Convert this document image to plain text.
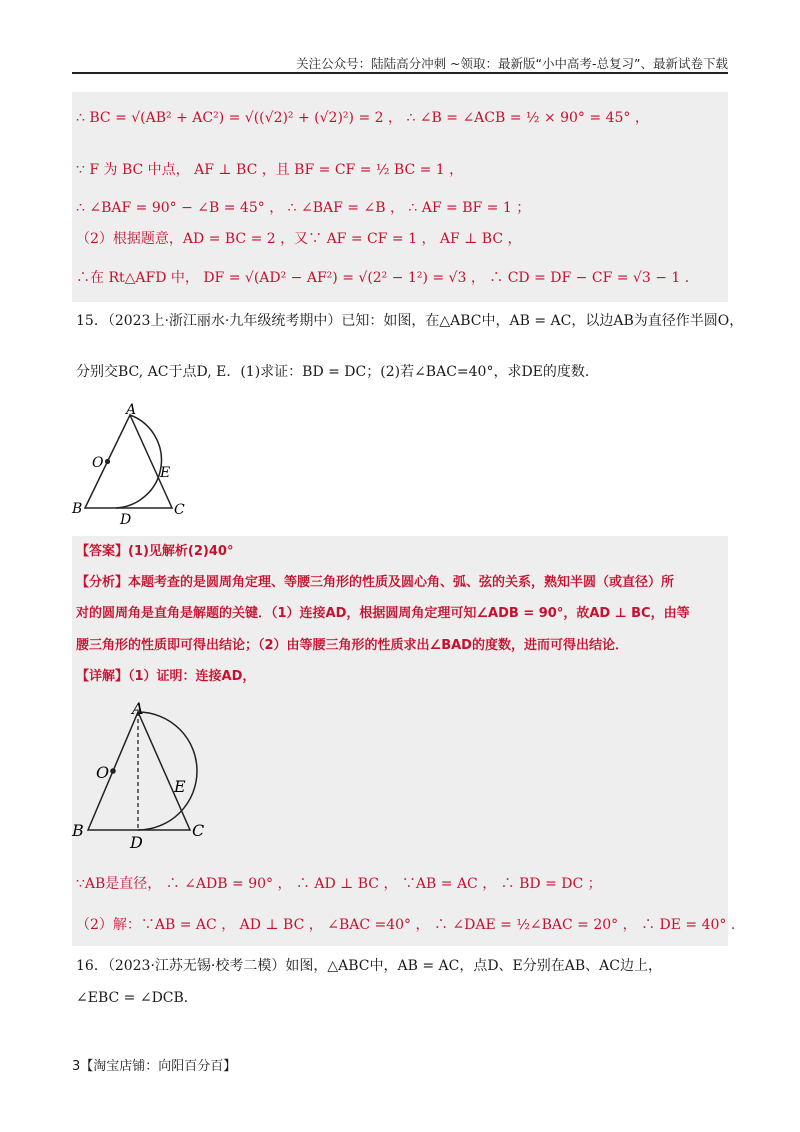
关注公众号：陆陆高分冲刺 ~领取：最新版“小中高考-总复习”、最新试卷下载
∴ BC = √(AB² + AC²) = √((√2)² + (√2)²) = 2 ， ∴ ∠B = ∠ACB = ½ × 90° = 45° ，
∵ F 为 BC 中点， AF ⊥ BC ，且 BF = CF = ½ BC = 1 ，
∴ ∠BAF = 90° − ∠B = 45° ， ∴ ∠BAF = ∠B ， ∴ AF = BF = 1 ；
（2）根据题意，AD = BC = 2 ，又∵ AF = CF = 1 ， AF ⊥ BC ，
∴在 Rt△AFD 中， DF = √(AD² − AF²) = √(2² − 1²) = √3 ， ∴ CD = DF − CF = √3 − 1 ．
15．（2023上·浙江丽水·九年级统考期中）已知：如图，在△ABC中，AB = AC，以边AB为直径作半圆O，
分别交BC, AC于点D, E．(1)求证：BD = DC；(2)若∠BAC=40°，求DE的度数．
A
O
E
B
D
C
【答案】(1)见解析(2)40°
【分析】本题考查的是圆周角定理、等腰三角形的性质及圆心角、弧、弦的关系，熟知半圆（或直径）所
对的圆周角是直角是解题的关键．（1）连接AD，根据圆周角定理可知∠ADB = 90°，故AD ⊥ BC，由等
腰三角形的性质即可得出结论；（2）由等腰三角形的性质求出∠BAD的度数，进而可得出结论．
【详解】（1）证明：连接AD，
A
O
E
B
D
C
∵AB是直径， ∴ ∠ADB = 90° ， ∴ AD ⊥ BC ， ∵AB = AC ， ∴ BD = DC ；
（2）解：∵AB = AC ， AD ⊥ BC ， ∠BAC =40° ， ∴ ∠DAE = ½∠BAC = 20° ， ∴ DE = 40° ．
16．（2023·江苏无锡·校考二模）如图，△ABC中，AB = AC，点D、E分别在AB、AC边上，
∠EBC = ∠DCB．
3【淘宝店铺：向阳百分百】
